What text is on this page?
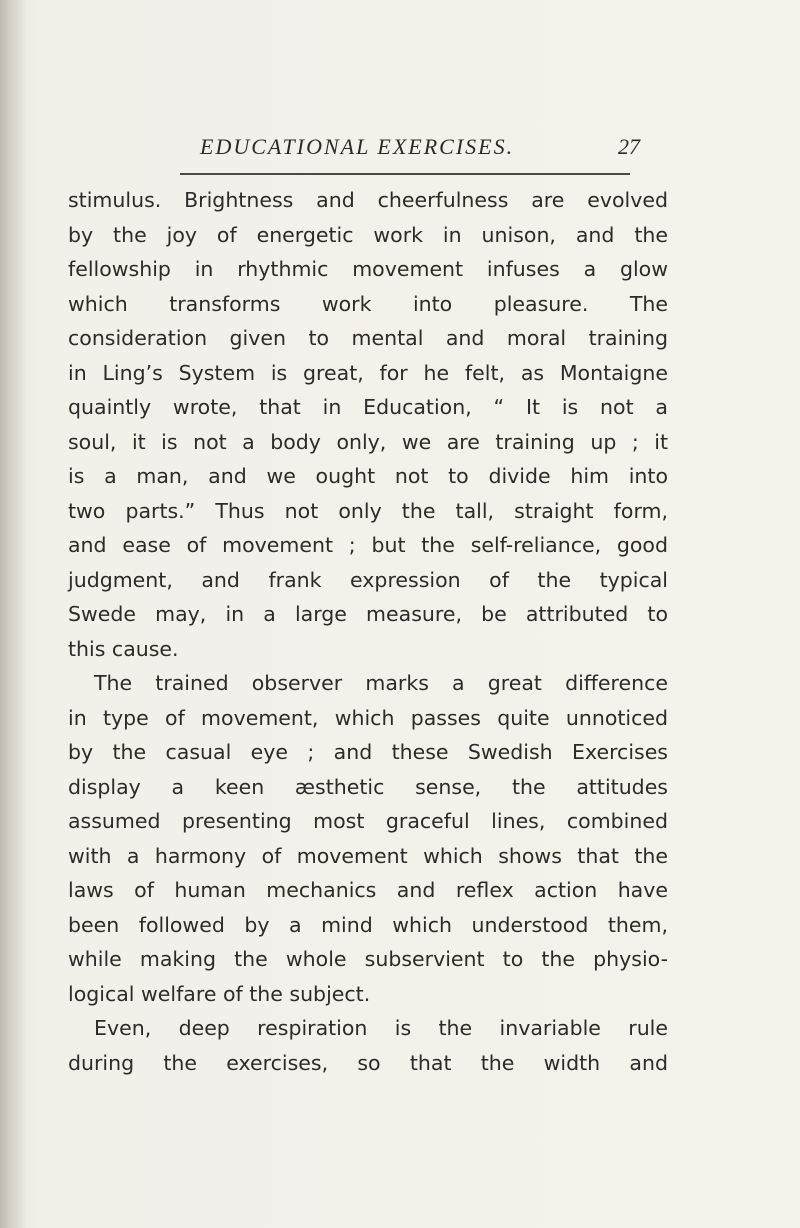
EDUCATIONAL EXERCISES.	27
stimulus. Brightness and cheerfulness are evolved
by the joy of energetic work in unison, and the
fellowship in rhythmic movement infuses a glow
which transforms work into pleasure. The
consideration given to mental and moral training
in Ling’s System is great, for he felt, as Montaigne
quaintly wrote, that in Education, “ It is not a
soul, it is not a body only, we are training up ; it
is a man, and we ought not to divide him into
two parts.” Thus not only the tall, straight form,
and ease of movement ; but the self-reliance, good
judgment, and frank expression of the typical
Swede may, in a large measure, be attributed to
this cause.
The trained observer marks a great difference
in type of movement, which passes quite unnoticed
by the casual eye ; and these Swedish Exercises
display a keen æsthetic sense, the attitudes
assumed presenting most graceful lines, combined
with a harmony of movement which shows that the
laws of human mechanics and reflex action have
been followed by a mind which understood them,
while making the whole subservient to the physio-
logical welfare of the subject.
Even, deep respiration is the invariable rule
during the exercises, so that the width and
